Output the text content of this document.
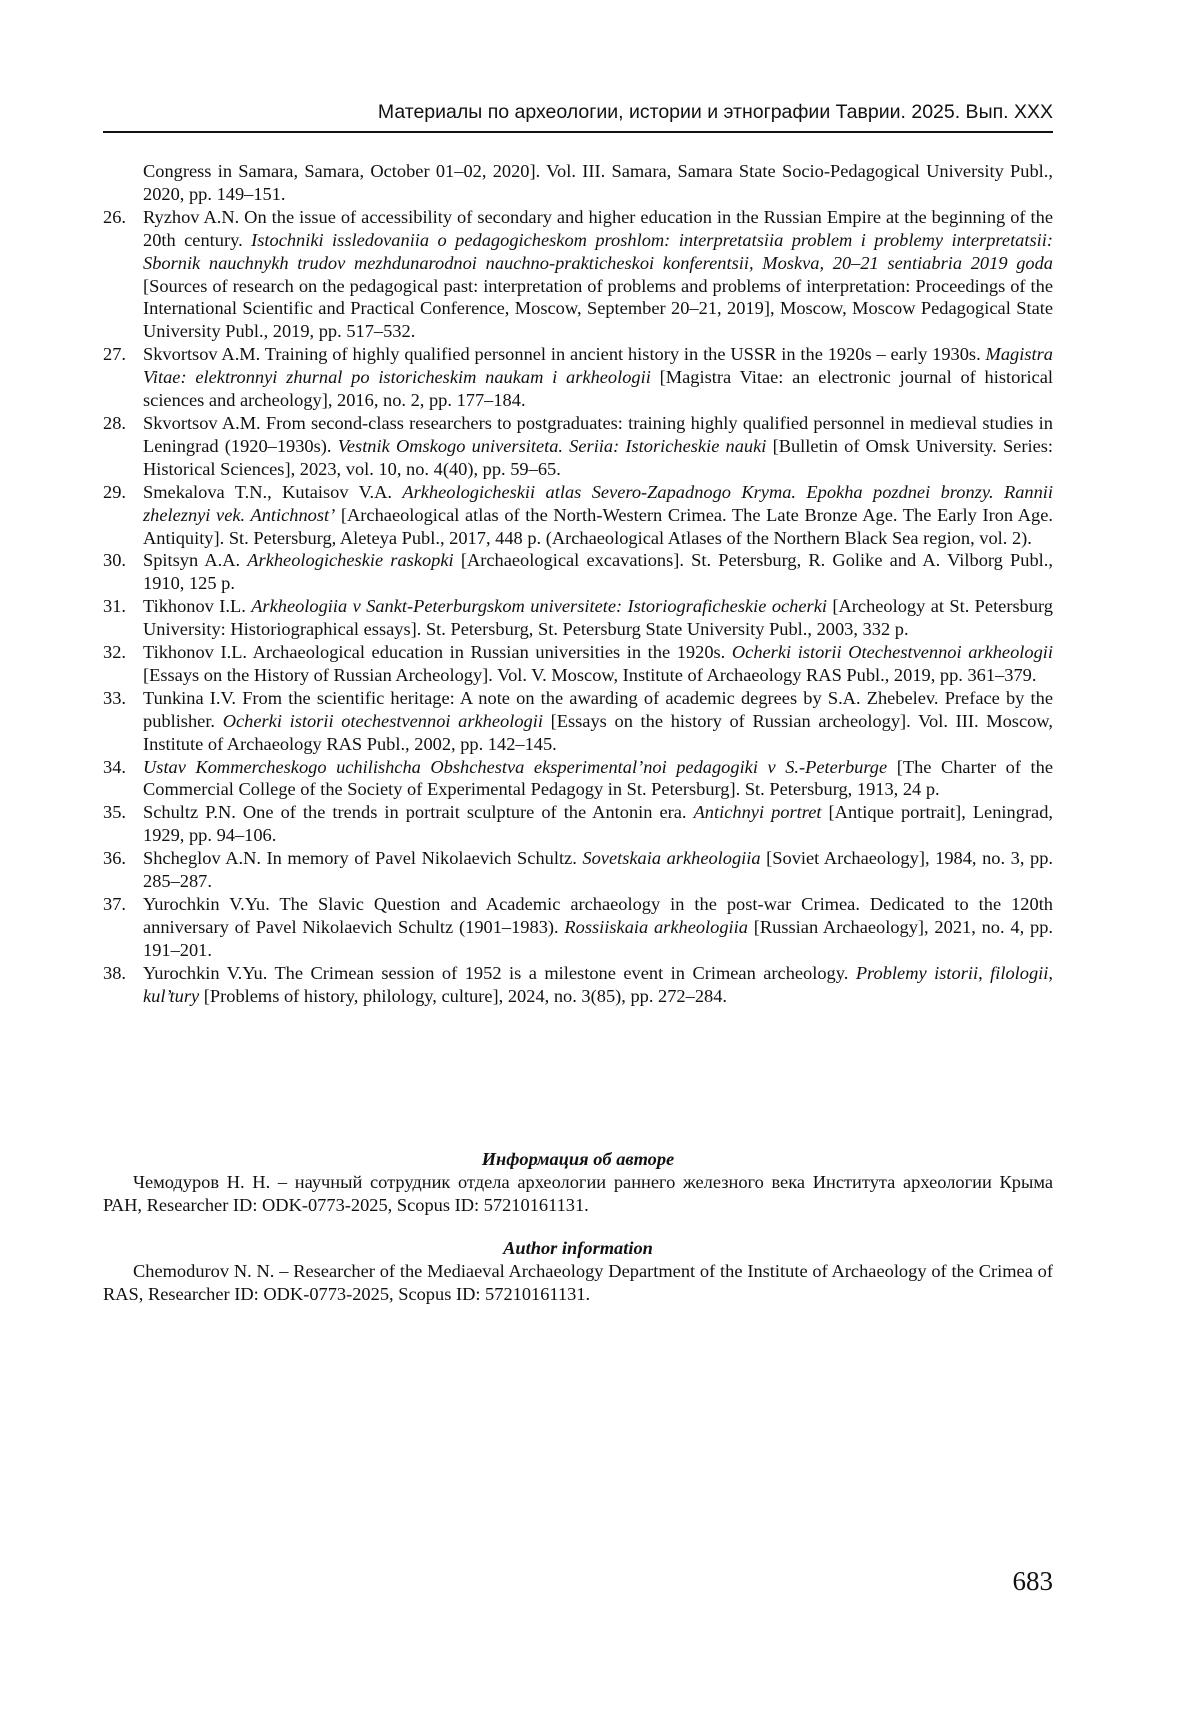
Материалы по археологии, истории и этнографии Таврии. 2025. Вып. XXX
Congress in Samara, Samara, October 01–02, 2020]. Vol. III. Samara, Samara State Socio-Pedagogical University Publ., 2020, pp. 149–151.
26. Ryzhov A.N. On the issue of accessibility of secondary and higher education in the Russian Empire at the beginning of the 20th century. Istochniki issledovaniia o pedagogicheskom proshlom: interpretatsiia problem i problemy interpretatsii: Sbornik nauchnykh trudov mezhdunarodnoi nauchno-prakticheskoi konferentsii, Moskva, 20–21 sentiabria 2019 goda [Sources of research on the pedagogical past: interpretation of problems and problems of interpretation: Proceedings of the International Scientific and Practical Conference, Moscow, September 20–21, 2019], Moscow, Moscow Pedagogical State University Publ., 2019, pp. 517–532.
27. Skvortsov A.M. Training of highly qualified personnel in ancient history in the USSR in the 1920s – early 1930s. Magistra Vitae: elektronnyi zhurnal po istoricheskim naukam i arkheologii [Magistra Vitae: an electronic journal of historical sciences and archeology], 2016, no. 2, pp. 177–184.
28. Skvortsov A.M. From second-class researchers to postgraduates: training highly qualified personnel in medieval studies in Leningrad (1920–1930s). Vestnik Omskogo universiteta. Seriia: Istoricheskie nauki [Bulletin of Omsk University. Series: Historical Sciences], 2023, vol. 10, no. 4(40), pp. 59–65.
29. Smekalova T.N., Kutaisov V.A. Arkheologicheskii atlas Severo-Zapadnogo Kryma. Epokha pozdnei bronzy. Rannii zheleznyi vek. Antichnost’ [Archaeological atlas of the North-Western Crimea. The Late Bronze Age. The Early Iron Age. Antiquity]. St. Petersburg, Aleteya Publ., 2017, 448 p. (Archaeological Atlases of the Northern Black Sea region, vol. 2).
30. Spitsyn A.A. Arkheologicheskie raskopki [Archaeological excavations]. St. Petersburg, R. Golike and A. Vilborg Publ., 1910, 125 p.
31. Tikhonov I.L. Arkheologiia v Sankt-Peterburgskom universitete: Istoriograficheskie ocherki [Archeology at St. Petersburg University: Historiographical essays]. St. Petersburg, St. Petersburg State University Publ., 2003, 332 p.
32. Tikhonov I.L. Archaeological education in Russian universities in the 1920s. Ocherki istorii Otechestvennoi arkheologii [Essays on the History of Russian Archeology]. Vol. V. Moscow, Institute of Archaeology RAS Publ., 2019, pp. 361–379.
33. Tunkina I.V. From the scientific heritage: A note on the awarding of academic degrees by S.A. Zhebelev. Preface by the publisher. Ocherki istorii otechestvennoi arkheologii [Essays on the history of Russian archeology]. Vol. III. Moscow, Institute of Archaeology RAS Publ., 2002, pp. 142–145.
34. Ustav Kommercheskogo uchilishcha Obshchestva eksperimental’noi pedagogiki v S.-Peterburge [The Charter of the Commercial College of the Society of Experimental Pedagogy in St. Petersburg]. St. Petersburg, 1913, 24 p.
35. Schultz P.N. One of the trends in portrait sculpture of the Antonin era. Antichnyi portret [Antique portrait], Leningrad, 1929, pp. 94–106.
36. Shcheglov A.N. In memory of Pavel Nikolaevich Schultz. Sovetskaia arkheologiia [Soviet Archaeology], 1984, no. 3, pp. 285–287.
37. Yurochkin V.Yu. The Slavic Question and Academic archaeology in the post-war Crimea. Dedicated to the 120th anniversary of Pavel Nikolaevich Schultz (1901–1983). Rossiiskaia arkheologiia [Russian Archaeology], 2021, no. 4, pp. 191–201.
38. Yurochkin V.Yu. The Crimean session of 1952 is a milestone event in Crimean archeology. Problemy istorii, filologii, kul’tury [Problems of history, philology, culture], 2024, no. 3(85), pp. 272–284.
Информация об авторе
Чемодуров Н. Н. – научный сотрудник отдела археологии раннего железного века Института археологии Крыма РАН, Researcher ID: ODK-0773-2025, Scopus ID: 57210161131.
Author information
Chemodurov N. N. – Researcher of the Mediaeval Archaeology Department of the Institute of Archaeology of the Crimea of RAS, Researcher ID: ODK-0773-2025, Scopus ID: 57210161131.
683
